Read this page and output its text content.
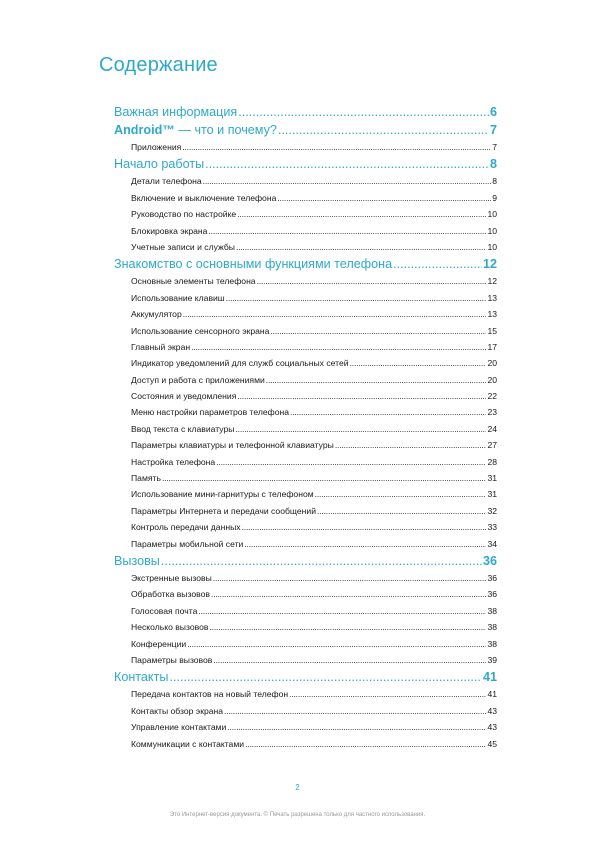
Содержание
Важная информация .....	6
Android™ — что и почему? .....	7
Приложения .....	7
Начало работы .....	8
Детали телефона .....	8
Включение и выключение телефона .....	9
Руководство по настройке .....	10
Блокировка экрана .....	10
Учетные записи и службы .....	10
Знакомство с основными функциями телефона .....	12
Основные элементы телефона .....	12
Использование клавиш .....	13
Аккумулятор .....	13
Использование сенсорного экрана .....	15
Главный экран .....	17
Индикатор уведомлений для служб социальных сетей .....	20
Доступ и работа с приложениями .....	20
Состояния и уведомления .....	22
Меню настройки параметров телефона .....	23
Ввод текста с клавиатуры .....	24
Параметры клавиатуры и телефонной клавиатуры .....	27
Настройка телефона .....	28
Память .....	31
Использование мини-гарнитуры с телефоном .....	31
Параметры Интернета и передачи сообщений .....	32
Контроль передачи данных .....	33
Параметры мобильной сети .....	34
Вызовы .....	36
Экстренные вызовы .....	36
Обработка вызовов .....	36
Голосовая почта .....	38
Несколько вызовов .....	38
Конференции .....	38
Параметры вызовов .....	39
Контакты .....	41
Передача контактов на новый телефон .....	41
Контакты обзор экрана .....	43
Управление контактами .....	43
Коммуникации с контактами .....	45
2
Это Интернет-версия документа. © Печать разрешена только для частного использования.
